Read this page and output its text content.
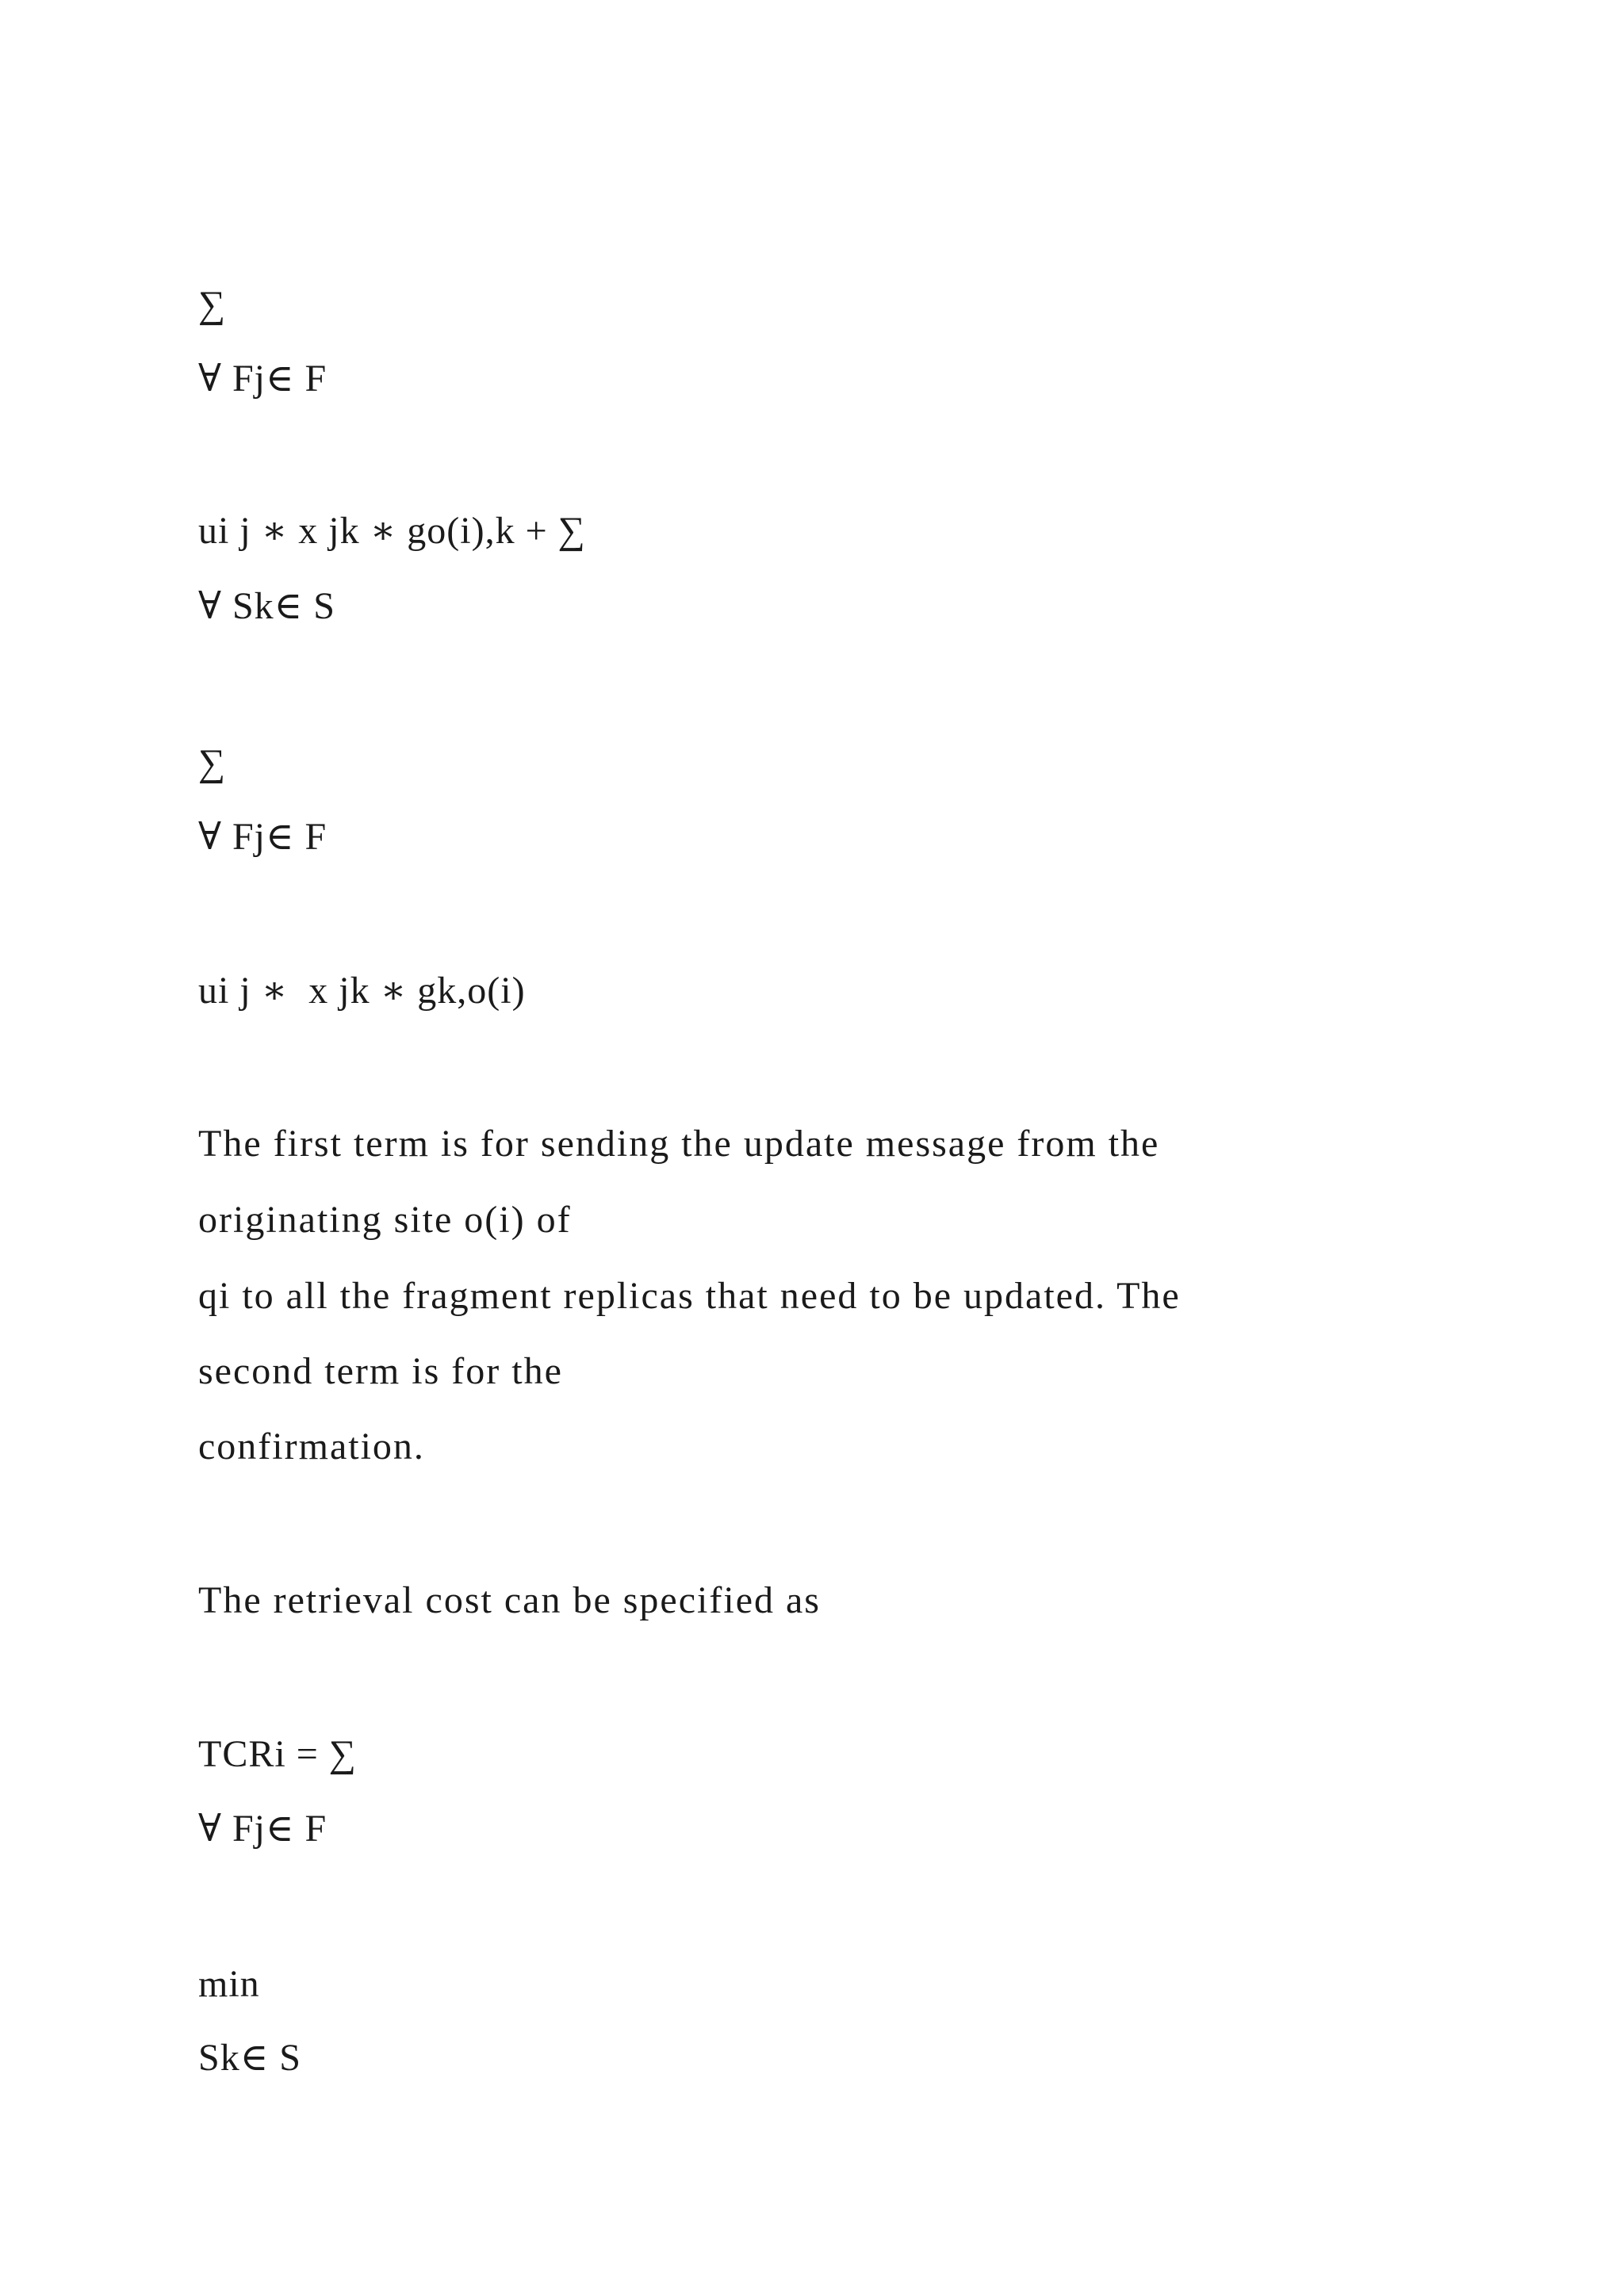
∑
∀ Fj∈ F
ui j ∗ x jk ∗ go(i),k + ∑
∀ Sk∈ S
∑
∀ Fj∈ F
ui j ∗  x jk ∗ gk,o(i)
The first term is for sending the update message from the
originating site o(i) of
qi to all the fragment replicas that need to be updated. The
second term is for the
confirmation.
The retrieval cost can be specified as
TCRi = ∑
∀ Fj∈ F
min
Sk∈ S
